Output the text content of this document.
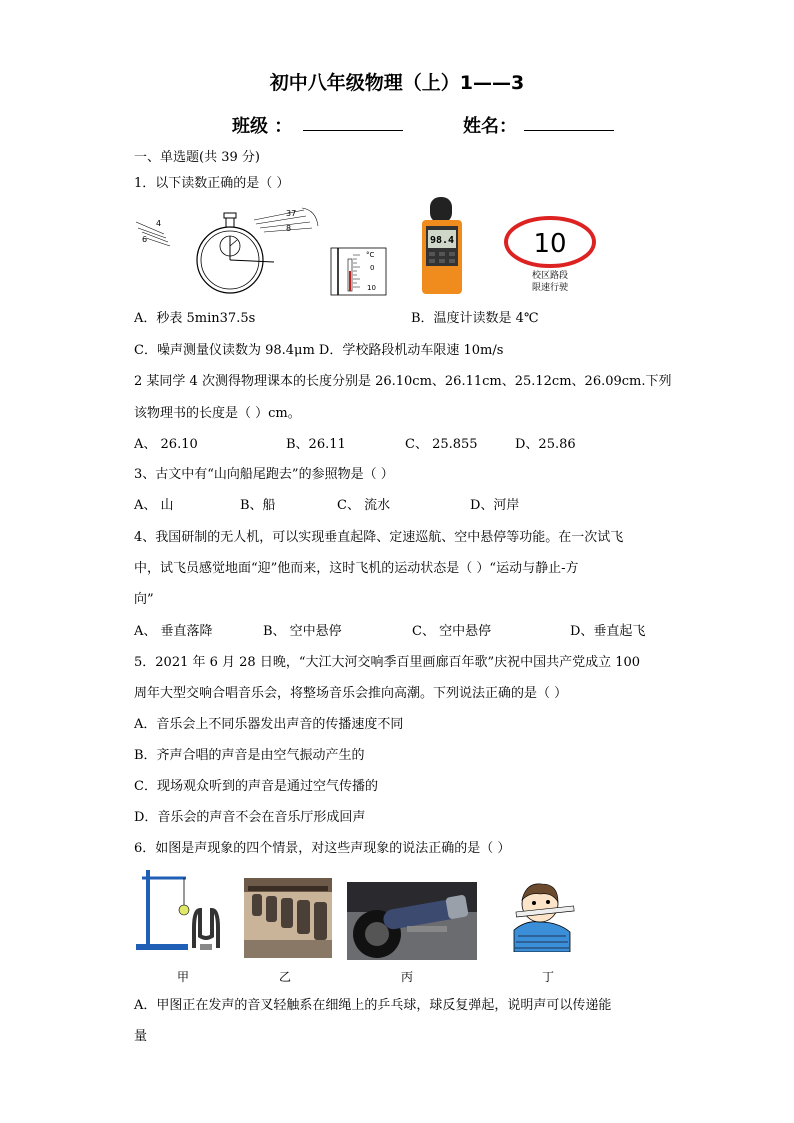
初中八年级物理（上）1——3
班级 ：	姓名：
一、单选题(共 39 分)
1．以下读数正确的是（ ）
4
6
37
8
°C
0
10
98.4	10
校区路段
限速行驶
A．秒表 5min37.5s	B．温度计读数是 4℃
C．噪声测量仪读数为 98.4μm D．学校路段机动车限速 10m/s
2 某同学 4 次测得物理课本的长度分别是 26.10cm、26.11cm、25.12cm、26.09cm.下列
该物理书的长度是（ ）cm。
A、 26.10	B、26.11	C、 25.855	D、25.86
3、古文中有“山向船尾跑去”的参照物是（ ）
A、 山	B、船	C、 流水	D、河岸
4、我国研制的无人机，可以实现垂直起降、定速巡航、空中悬停等功能。在一次试飞
中，试飞员感觉地面“迎”他而来，这时飞机的运动状态是（ ）“运动与静止-方
向”
A、 垂直落降	B、 空中悬停	C、 空中悬停	D、垂直起飞
5．2021 年 6 月 28 日晚，“大江大河交响季百里画廊百年歌”庆祝中国共产党成立 100
周年大型交响合唱音乐会，将整场音乐会推向高潮。下列说法正确的是（ ）
A．音乐会上不同乐器发出声音的传播速度不同
B．齐声合唱的声音是由空气振动产生的
C．现场观众听到的声音是通过空气传播的
D．音乐会的声音不会在音乐厅形成回声
6．如图是声现象的四个情景，对这些声现象的说法正确的是（ ）
甲	乙	丙	丁
A．甲图正在发声的音叉轻触系在细绳上的乒乓球，球反复弹起，说明声可以传递能
量
